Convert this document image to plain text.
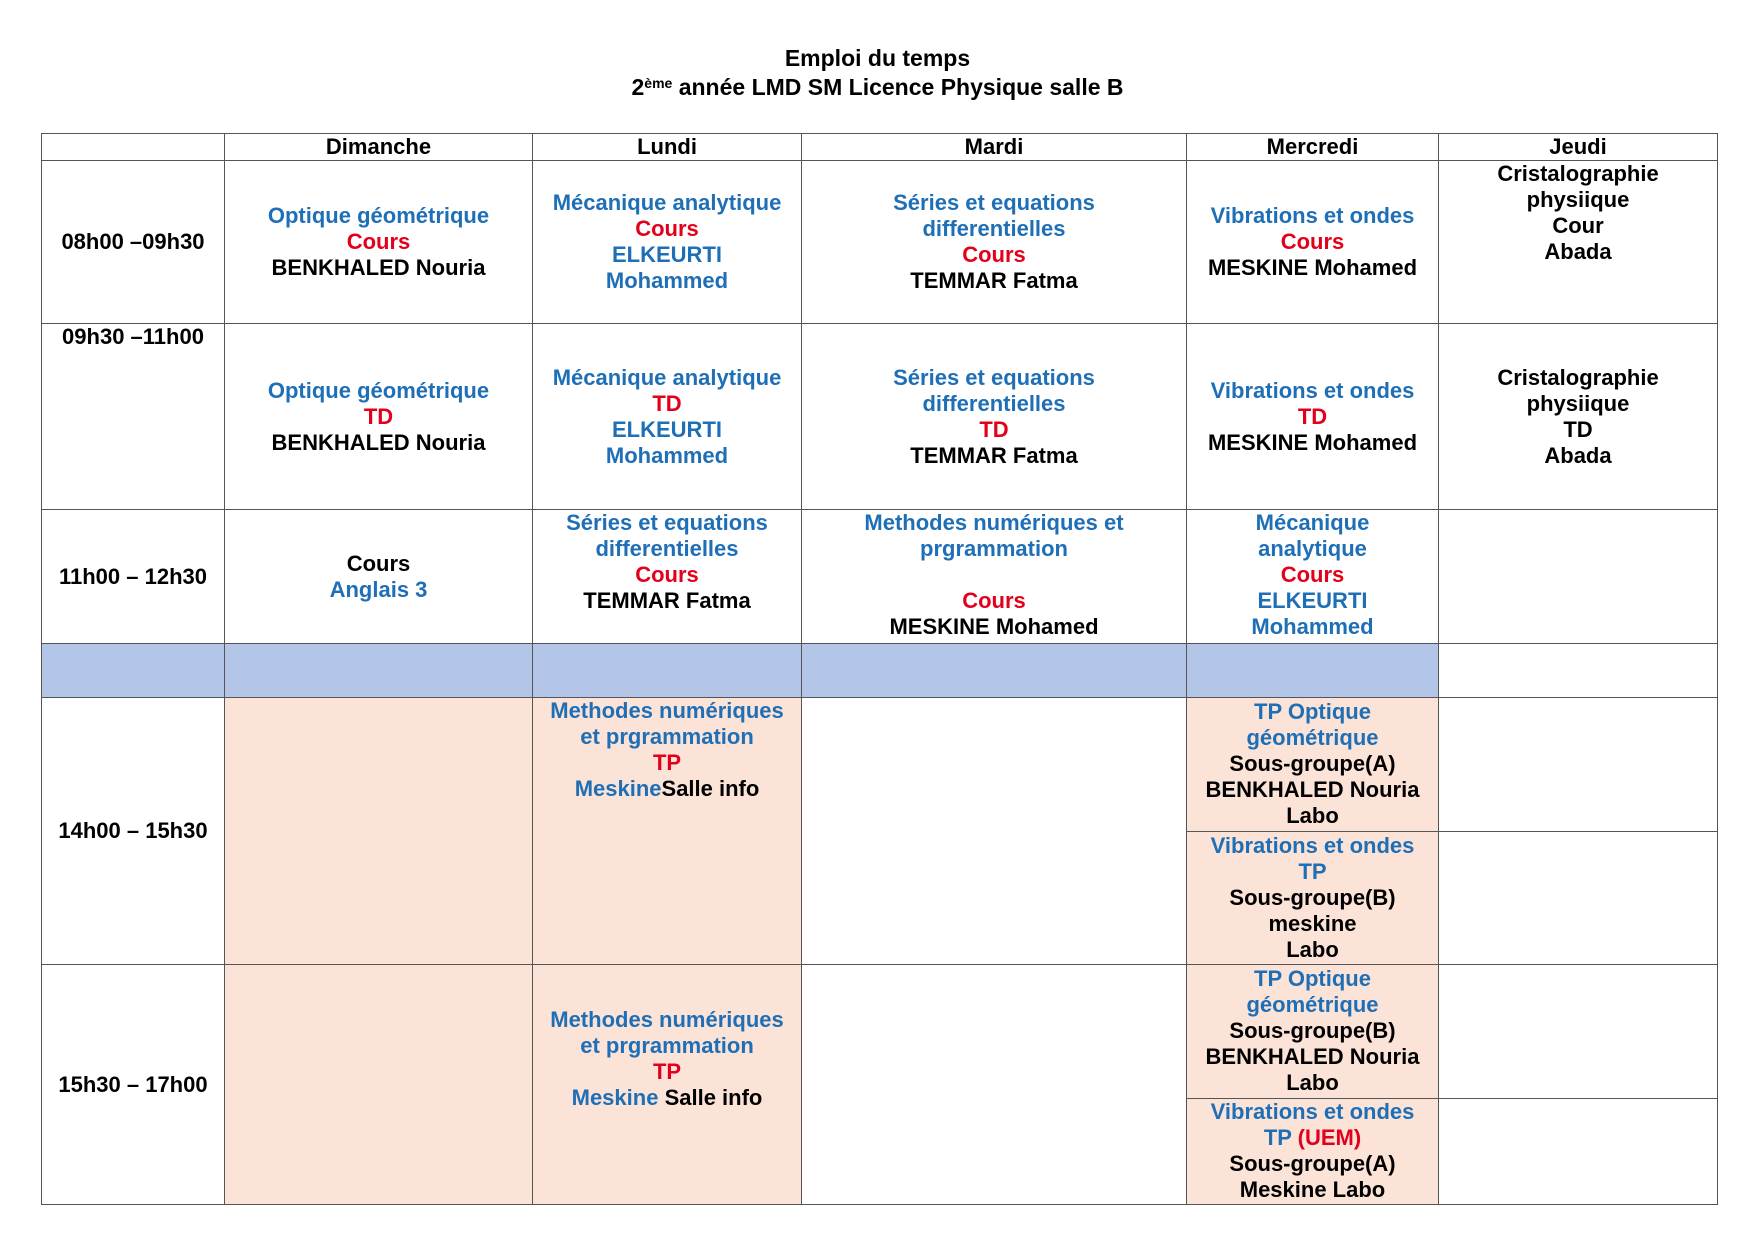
Emploi du temps
2ème année LMD SM Licence Physique salle B
	Dimanche	Lundi	Mardi	Mercredi	Jeudi
08h00 –09h30	Optique géométrique
Cours
BENKHALED Nouria	Mécanique analytique
Cours
ELKEURTI
Mohammed	Séries et equations
differentielles
Cours
TEMMAR Fatma	Vibrations et ondes
Cours
MESKINE Mohamed	Cristalographie
physiique
Cour
Abada

09h30 –11h00	Optique géométrique
TD
BENKHALED Nouria	Mécanique analytique
TD
ELKEURTI
Mohammed	Séries et equations
differentielles
TD
TEMMAR Fatma	Vibrations et ondes
TD
MESKINE Mohamed	Cristalographie
physiique
TD
Abada

11h00 – 12h30	Cours
Anglais 3	Séries et equations
differentielles
Cours
TEMMAR Fatma	Methodes numériques et
prgrammation
Cours
MESKINE Mohamed	Mécanique
analytique
Cours
ELKEURTI
Mohammed	

14h00 – 15h30		Methodes numériques
et prgrammation
TP
MeskineSalle info		TP Optique
géométrique
Sous-groupe(A)
BENKHALED Nouria
Labo	

				Vibrations et ondes
TP
Sous-groupe(B)
meskine
Labo	

15h30 – 17h00		Methodes numériques
et prgrammation
TP
Meskine Salle info		TP Optique
géométrique
Sous-groupe(B)
BENKHALED Nouria
Labo	

				Vibrations et ondes
TP (UEM)
Sous-groupe(A)
Meskine Labo	
